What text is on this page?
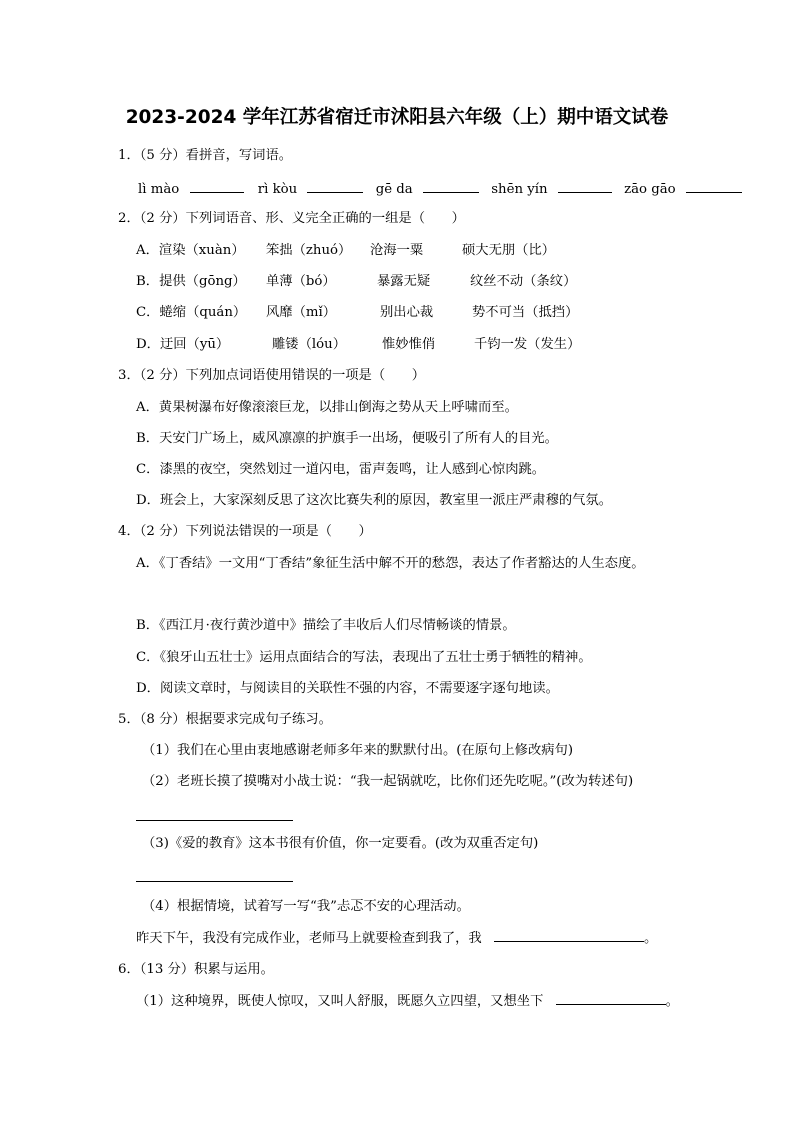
2023-2024 学年江苏省宿迁市沭阳县六年级（上）期中语文试卷
1．（5 分）看拼音，写词语。
lì mào	rì kòu	gē da	shēn yín	zāo gāo
2．（2 分）下列词语音、形、义完全正确的一组是（　　）
A．渲染（xuàn） 笨拙（zhuó） 沧海一粟	硕大无朋（比）
B．提供（gōng） 单薄（bó）	暴露无疑	纹丝不动（条纹）
C．蜷缩（quán） 风靡（mǐ）	别出心裁	势不可当（抵挡）
D．迂回（yū）	雕镂（lóu）	惟妙惟俏	千钧一发（发生）
3．（2 分）下列加点词语使用错误的一项是（　　）
A．黄果树瀑布好像滚滚巨龙，以排山倒海之势从天上呼啸而至。
B．天安门广场上，威风凛凛的护旗手一出场，便吸引了所有人的目光。
C．漆黑的夜空，突然划过一道闪电，雷声轰鸣，让人感到心惊肉跳。
D．班会上，大家深刻反思了这次比赛失利的原因，教室里一派庄严肃穆的气氛。
4．（2 分）下列说法错误的一项是（　　）
A．《丁香结》一文用“丁香结”象征生活中解不开的愁怨，表达了作者豁达的人生态度。
B．《西江月·夜行黄沙道中》描绘了丰收后人们尽情畅谈的情景。
C．《狼牙山五壮士》运用点面结合的写法，表现出了五壮士勇于牺牲的精神。
D．阅读文章时，与阅读目的关联性不强的内容，不需要逐字逐句地读。
5．（8 分）根据要求完成句子练习。
（1）我们在心里由衷地感谢老师多年来的默默付出。(在原句上修改病句)
（2）老班长摸了摸嘴对小战士说：“我一起锅就吃，比你们还先吃呢。”(改为转述句)
（3)《爱的教育》这本书很有价值，你一定要看。(改为双重否定句)
（4）根据情境，试着写一写“我”忐忑不安的心理活动。
昨天下午，我没有完成作业，老师马上就要检查到我了，我	。
6．（13 分）积累与运用。
（1）这种境界，既使人惊叹，又叫人舒服，既愿久立四望，又想坐下	。
